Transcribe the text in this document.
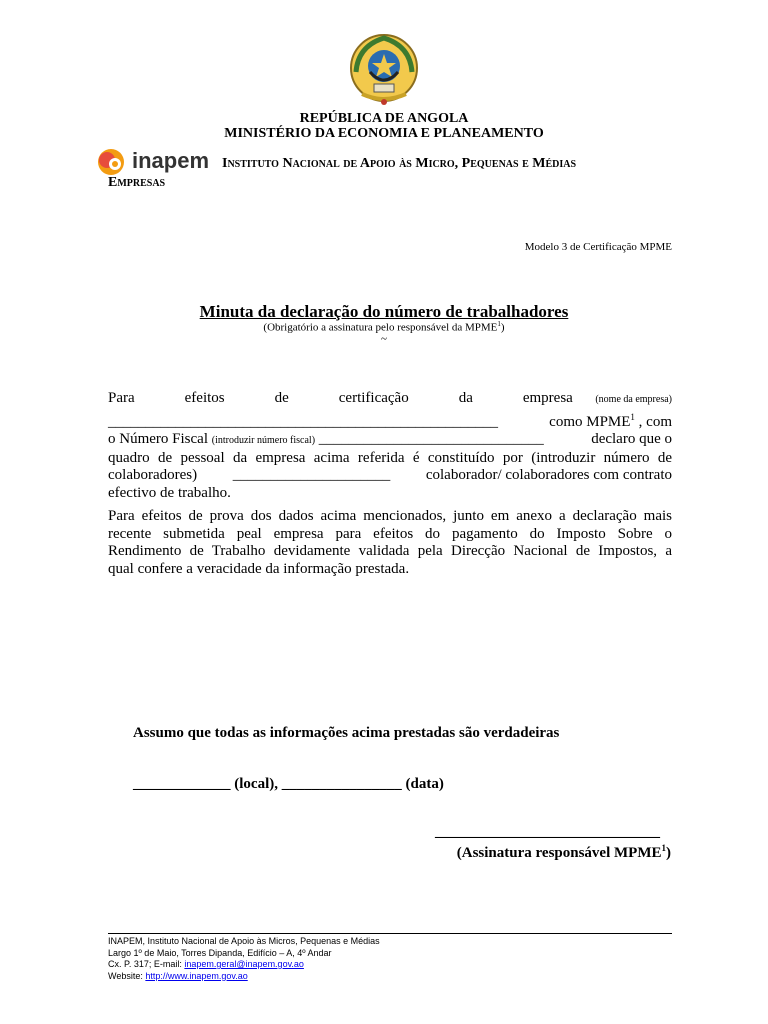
REPÚBLICA DE ANGOLA
MINISTÉRIO DA ECONOMIA E PLANEAMENTO
inapem Instituto Nacional de Apoio às Micro, Pequenas e Médias
Empresas
Modelo 3 de Certificação MPME
Minuta da declaração do número de trabalhadores
(Obrigatório a assinatura pelo responsável da MPME$^1$)
~
Para	efeitos	de	certificação	da	empresa (nome da empresa)
____________________________________________________	como MPME$^1$ , com
o Número Fiscal (introduzir número fiscal) ______________________________	declaro que o
quadro de pessoal da empresa acima referida é constituído por (introduzir número de
colaboradores) _____________________ colaborador/ colaboradores com contrato
efectivo de trabalho.
Para efeitos de prova dos dados acima mencionados, junto em anexo a declaração mais
recente submetida peal empresa para efeitos do pagamento do Imposto Sobre o
Rendimento de Trabalho devidamente validada pela Direcção Nacional de Impostos, a
qual confere a veracidade da informação prestada.
Assumo que todas as informações acima prestadas são verdadeiras
_____________ (local), ________________ (data)
______________________________
(Assinatura responsável MPME$^1$)
INAPEM, Instituto Nacional de Apoio às Micros, Pequenas e Médias
Largo 1º de Maio, Torres Dipanda, Edifício – A, 4º Andar
Cx. P. 317; E-mail: inapem.geral@inapem.gov.ao
Website: http://www.inapem.gov.ao
